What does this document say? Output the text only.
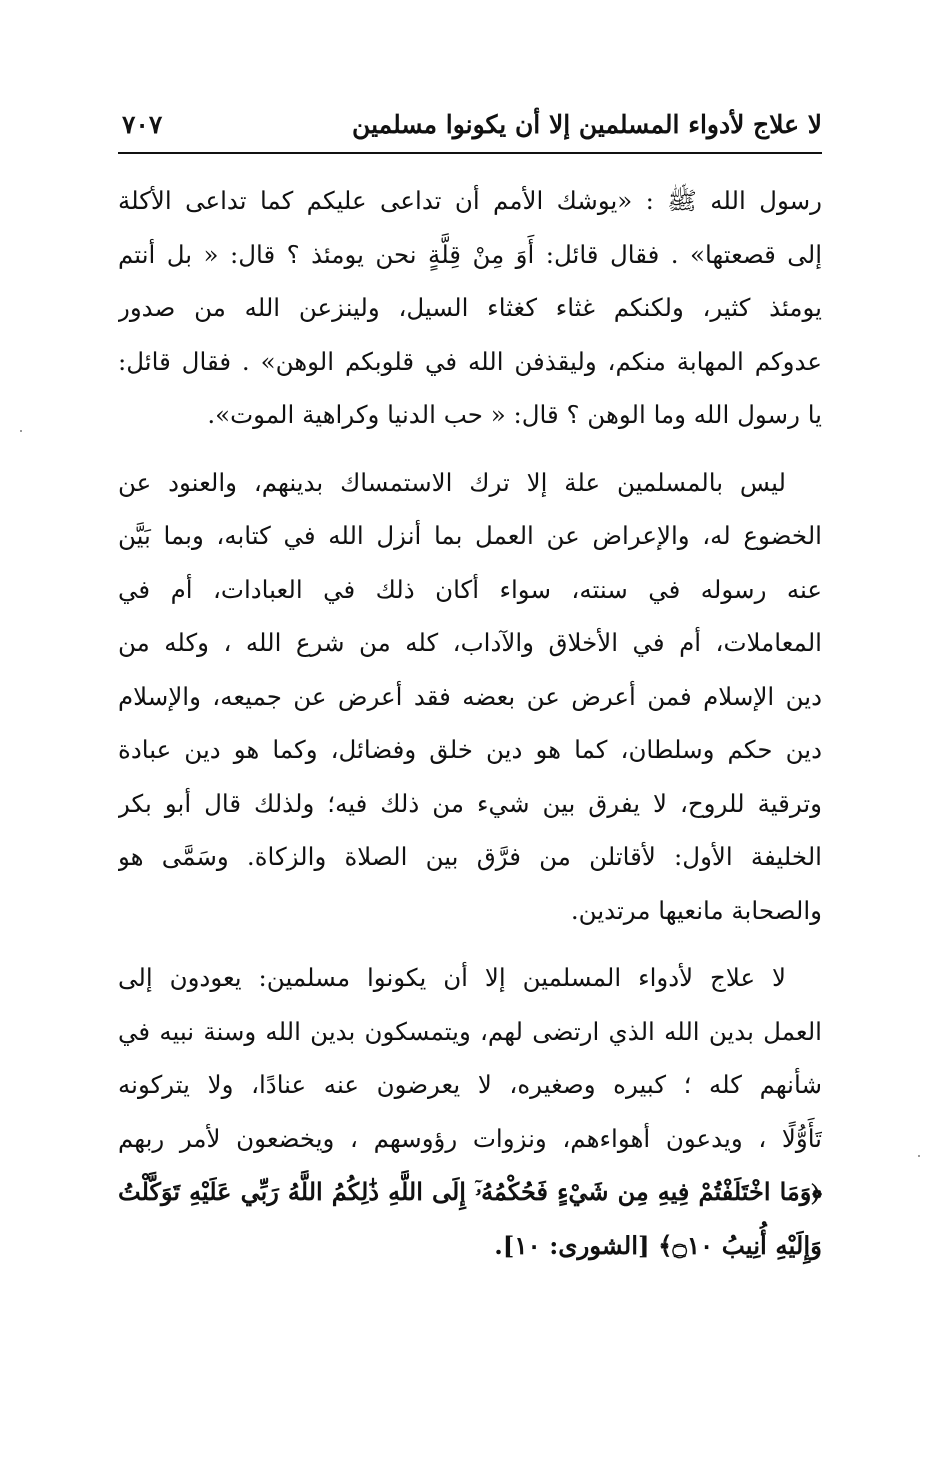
لا علاج لأدواء المسلمين إلا أن يكونوا مسلمين
٧٠٧
رسول الله ﷺ : «يوشك الأمم أن تداعى عليكم كما تداعى الأكلة
إلى قصعتها» . فقال قائل: أَوَ مِنْ قِلَّةٍ نحن يومئذ ؟ قال: « بل أنتم
يومئذ كثير، ولكنكم غثاء كغثاء السيل، ولينزعن الله من صدور
عدوكم المهابة منكم، وليقذفن الله في قلوبكم الوهن» . فقال قائل:
يا رسول الله وما الوهن ؟ قال: « حب الدنيا وكراهية الموت».
ليس بالمسلمين علة إلا ترك الاستمساك بدينهم، والعنود عن
الخضوع له، والإعراض عن العمل بما أنزل الله في كتابه، وبما بَيَّن
عنه رسوله في سنته، سواء أكان ذلك في العبادات، أم في
المعاملات، أم في الأخلاق والآداب، كله من شرع الله ، وكله من
دين الإسلام فمن أعرض عن بعضه فقد أعرض عن جميعه، والإسلام
دين حكم وسلطان، كما هو دين خلق وفضائل، وكما هو دين عبادة
وترقية للروح، لا يفرق بين شيء من ذلك فيه؛ ولذلك قال أبو بكر
الخليفة الأول: لأقاتلن من فرَّق بين الصلاة والزكاة. وسَمَّى هو
والصحابة مانعيها مرتدين.
لا علاج لأدواء المسلمين إلا أن يكونوا مسلمين: يعودون إلى
العمل بدين الله الذي ارتضى لهم، ويتمسكون بدين الله وسنة نبيه في
شأنهم كله ؛ كبيره وصغيره، لا يعرضون عنه عنادًا، ولا يتركونه
تَأَوُّلًا ، ويدعون أهواءهم، ونزوات رؤوسهم ، ويخضعون لأمر ربهم
﴿وَمَا اخْتَلَفْتُمْ فِيهِ مِن شَيْءٍ فَحُكْمُهُۥٓ إِلَى اللَّهِ ذَٰلِكُمُ اللَّهُ رَبِّي عَلَيْهِ تَوَكَّلْتُ
وَإِلَيْهِ أُنِيبُ ۝١٠﴾ [الشورى: ١٠].
